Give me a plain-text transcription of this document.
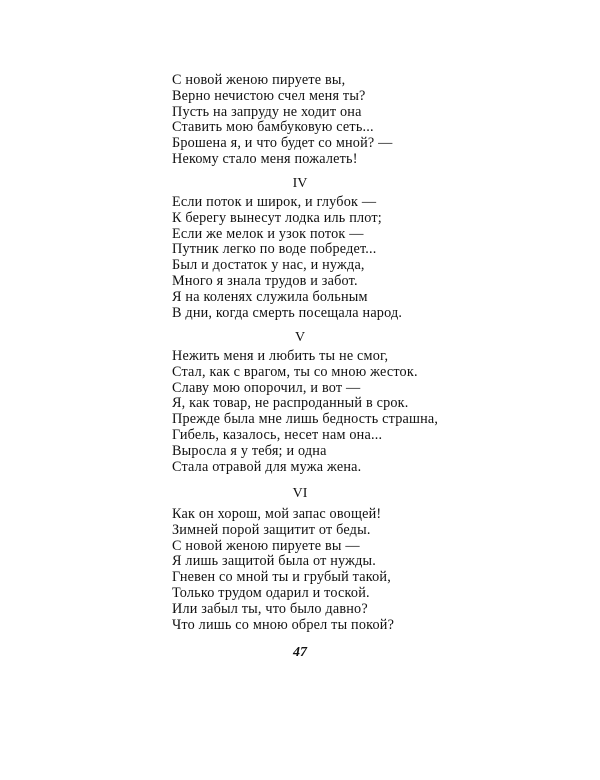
С новой женою пируете вы,
Верно нечистою счел меня ты?
Пусть на запруду не ходит она
Ставить мою бамбуковую сеть...
Брошена я, и что будет со мной? —
Некому стало меня пожалеть!
IV
Если поток и широк, и глубок —
К берегу вынесут лодка иль плот;
Если же мелок и узок поток —
Путник легко по воде побредет...
Был и достаток у нас, и нужда,
Много я знала трудов и забот.
Я на коленях служила больным
В дни, когда смерть посещала народ.
V
Нежить меня и любить ты не смог,
Стал, как с врагом, ты со мною жесток.
Славу мою опорочил, и вот —
Я, как товар, не распроданный в срок.
Прежде была мне лишь бедность страшна,
Гибель, казалось, несет нам она...
Выросла я у тебя; и одна
Стала отравой для мужа жена.
VI
Как он хорош, мой запас овощей!
Зимней порой защитит от беды.
С новой женою пируете вы —
Я лишь защитой была от нужды.
Гневен со мной ты и грубый такой,
Только трудом одарил и тоской.
Или забыл ты, что было давно?
Что лишь со мною обрел ты покой?
47
